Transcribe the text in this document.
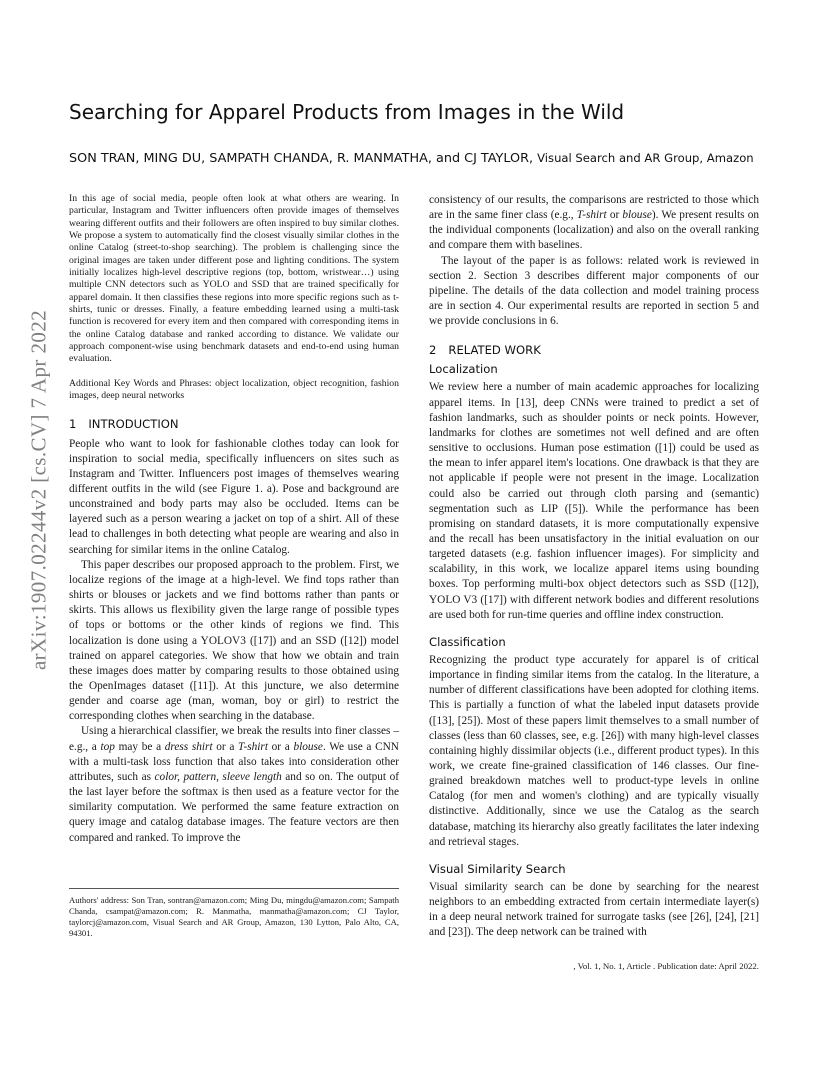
arXiv:1907.02244v2 [cs.CV] 7 Apr 2022
Searching for Apparel Products from Images in the Wild

SON TRAN, MING DU, SAMPATH CHANDA, R. MANMATHA, and CJ TAYLOR, Visual Search and AR Group, Amazon

In this age of social media, people often look at what others are wearing. In particular, Instagram and Twitter influencers often provide images of themselves wearing different outfits and their followers are often inspired to buy similar clothes. We propose a system to automatically find the closest visually similar clothes in the online Catalog (street-to-shop searching). The problem is challenging since the original images are taken under different pose and lighting conditions. The system initially localizes high-level descriptive regions (top, bottom, wristwear…) using multiple CNN detectors such as YOLO and SSD that are trained specifically for apparel domain. It then classifies these regions into more specific regions such as t-shirts, tunic or dresses. Finally, a feature embedding learned using a multi-task function is recovered for every item and then compared with corresponding items in the online Catalog database and ranked according to distance. We validate our approach component-wise using benchmark datasets and end-to-end using human evaluation.

Additional Key Words and Phrases: object localization, object recognition, fashion images, deep neural networks

1 INTRODUCTION

People who want to look for fashionable clothes today can look for inspiration to social media, specifically influencers on sites such as Instagram and Twitter. Influencers post images of themselves wearing different outfits in the wild (see Figure 1. a). Pose and background are unconstrained and body parts may also be occluded. Items can be layered such as a person wearing a jacket on top of a shirt. All of these lead to challenges in both detecting what people are wearing and also in searching for similar items in the online Catalog.

This paper describes our proposed approach to the problem. First, we localize regions of the image at a high-level. We find tops rather than shirts or blouses or jackets and we find bottoms rather than pants or skirts. This allows us flexibility given the large range of possible types of tops or bottoms or the other kinds of regions we find. This localization is done using a YOLOV3 ([17]) and an SSD ([12]) model trained on apparel categories. We show that how we obtain and train these images does matter by comparing results to those obtained using the OpenImages dataset ([11]). At this juncture, we also determine gender and coarse age (man, woman, boy or girl) to restrict the corresponding clothes when searching in the database.

Using a hierarchical classifier, we break the results into finer classes – e.g., a top may be a dress shirt or a T-shirt or a blouse. We use a CNN with a multi-task loss function that also takes into consideration other attributes, such as color, pattern, sleeve length and so on. The output of the last layer before the softmax is then used as a feature vector for the similarity computation. We performed the same feature extraction on query image and catalog database images. The feature vectors are then compared and ranked. To improve the

consistency of our results, the comparisons are restricted to those which are in the same finer class (e.g., T-shirt or blouse). We present results on the individual components (localization) and also on the overall ranking and compare them with baselines.

The layout of the paper is as follows: related work is reviewed in section 2. Section 3 describes different major components of our pipeline. The details of the data collection and model training process are in section 4. Our experimental results are reported in section 5 and we provide conclusions in 6.

2 RELATED WORK
Localization

We review here a number of main academic approaches for localizing apparel items. In [13], deep CNNs were trained to predict a set of fashion landmarks, such as shoulder points or neck points. However, landmarks for clothes are sometimes not well defined and are often sensitive to occlusions. Human pose estimation ([1]) could be used as the mean to infer apparel item's locations. One drawback is that they are not applicable if people were not present in the image. Localization could also be carried out through cloth parsing and (semantic) segmentation such as LIP ([5]). While the performance has been promising on standard datasets, it is more computationally expensive and the recall has been unsatisfactory in the initial evaluation on our targeted datasets (e.g. fashion influencer images). For simplicity and scalability, in this work, we localize apparel items using bounding boxes. Top performing multi-box object detectors such as SSD ([12]), YOLO V3 ([17]) with different network bodies and different resolutions are used both for run-time queries and offline index construction.

Classification

Recognizing the product type accurately for apparel is of critical importance in finding similar items from the catalog. In the literature, a number of different classifications have been adopted for clothing items. This is partially a function of what the labeled input datasets provide ([13], [25]). Most of these papers limit themselves to a small number of classes (less than 60 classes, see, e.g. [26]) with many high-level classes containing highly dissimilar objects (i.e., different product types). In this work, we create fine-grained classification of 146 classes. Our fine-grained breakdown matches well to product-type levels in online Catalog (for men and women's clothing) and are typically visually distinctive. Additionally, since we use the Catalog as the search database, matching its hierarchy also greatly facilitates the later indexing and retrieval stages.

Visual Similarity Search

Visual similarity search can be done by searching for the nearest neighbors to an embedding extracted from certain intermediate layer(s) in a deep neural network trained for surrogate tasks (see [26], [24], [21] and [23]). The deep network can be trained with

Authors' address: Son Tran, sontran@amazon.com; Ming Du, mingdu@amazon.com; Sampath Chanda, csampat@amazon.com; R. Manmatha, manmatha@amazon.com; CJ Taylor, taylorcj@amazon.com, Visual Search and AR Group, Amazon, 130 Lytton, Palo Alto, CA, 94301.

, Vol. 1, No. 1, Article . Publication date: April 2022.
